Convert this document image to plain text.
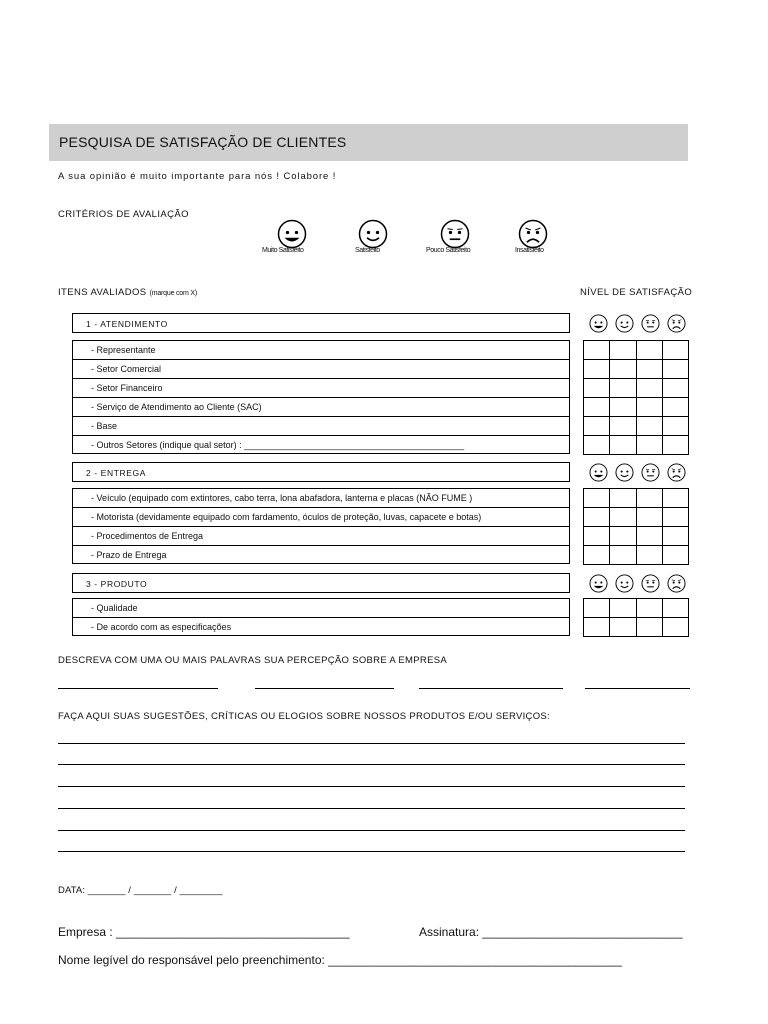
PESQUISA DE SATISFAÇÃO DE CLIENTES
A sua opinião é muito importante para nós ! Colabore !
CRITÉRIOS DE AVALIAÇÃO
Muito Satisfeito	Satisfeito	Pouco Satisfeito	Insatisfeito
ITENS AVALIADOS (marque com X)	NÍVEL DE SATISFAÇÃO
1 - ATENDIMENTO
- Representante
- Setor Comercial
- Setor Financeiro
- Serviço de Atendimento ao Cliente (SAC)
- Base
- Outros Setores (indique qual setor) : ____________________________________________

2 - ENTREGA
- Veículo (equipado com extintores, cabo terra, lona abafadora, lanterna e placas (NÃO FUME )
- Motorista (devidamente equipado com fardamento, óculos de proteção, luvas, capacete e botas)
- Procedimentos de Entrega
- Prazo de Entrega

3 - PRODUTO
- Qualidade
- De acordo com as especificações

DESCREVA COM UMA OU MAIS PALAVRAS SUA PERCEPÇÃO SOBRE A EMPRESA
FAÇA AQUI SUAS SUGESTÕES, CRÍTICAS OU ELOGIOS SOBRE NOSSOS PRODUTOS E/OU SERVIÇOS:
DATA: _______ / _______ / ________
Empresa : ___________________________________	Assinatura: ______________________________
Nome legível do responsável pelo preenchimento: ____________________________________________
